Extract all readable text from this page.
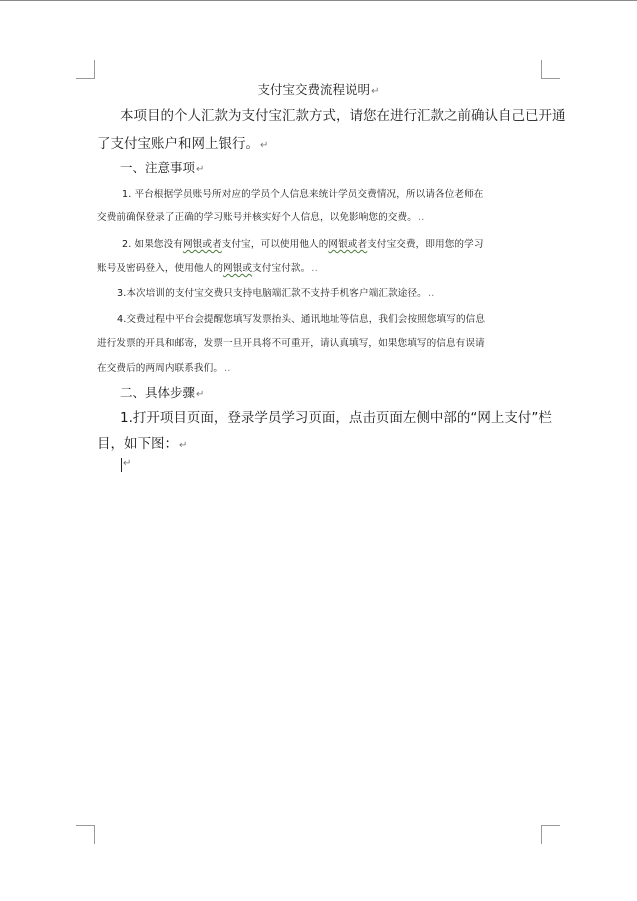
支付宝交费流程说明↵
本项目的个人汇款为支付宝汇款方式，请您在进行汇款之前确认自己已开通
了支付宝账户和网上银行。↵
一、注意事项↵
1. 平台根据学员账号所对应的学员个人信息来统计学员交费情况，所以请各位老师在
交费前确保登录了正确的学习账号并核实好个人信息，以免影响您的交费。..
2. 如果您没有网银或者支付宝，可以使用他人的网银或者支付宝交费，即用您的学习
账号及密码登入，使用他人的网银或支付宝付款。..
3.本次培训的支付宝交费只支持电脑端汇款不支持手机客户端汇款途径。..
4.交费过程中平台会提醒您填写发票抬头、通讯地址等信息，我们会按照您填写的信息
进行发票的开具和邮寄，发票一旦开具将不可重开，请认真填写，如果您填写的信息有误请
在交费后的两周内联系我们。..
二、具体步骤↵
1.打开项目页面，登录学员学习页面，点击页面左侧中部的“网上支付”栏
目，如下图：↵
↵
